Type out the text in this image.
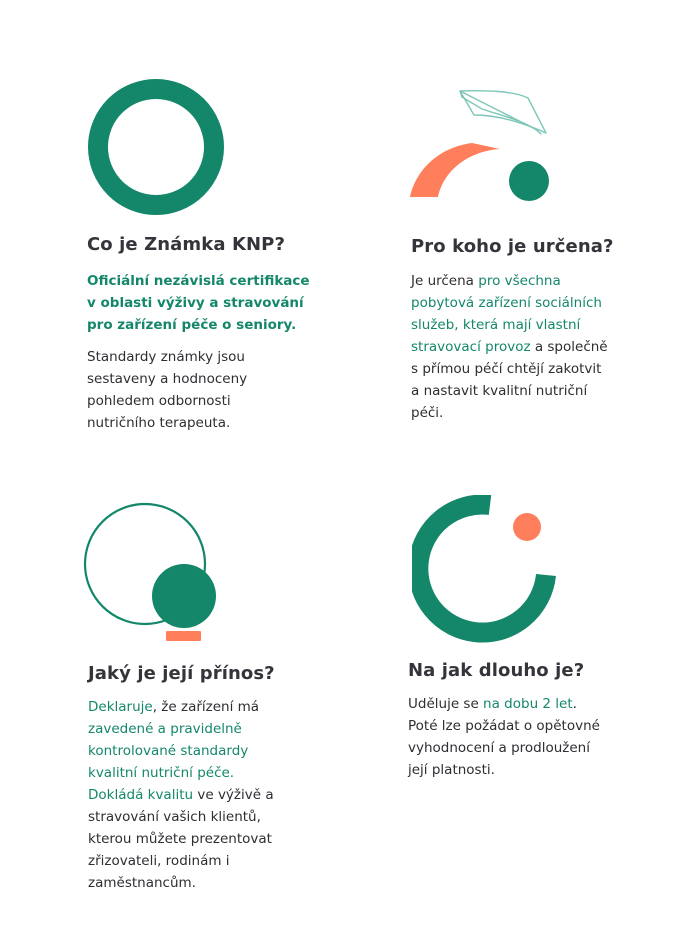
Co je Známka KNP?
Oficiální nezávislá certifikace
v oblasti výživy a stravování
pro zařízení péče o seniory.
Standardy známky jsou
sestaveny a hodnoceny
pohledem odbornosti
nutričního terapeuta.
Pro koho je určena?
Je určena pro všechna
pobytová zařízení sociálních
služeb, která mají vlastní
stravovací provoz a společně
s přímou péčí chtějí zakotvit
a nastavit kvalitní nutriční
péči.
Jaký je její přínos?
Deklaruje, že zařízení má
zavedené a pravidelně
kontrolované standardy
kvalitní nutriční péče.
Dokládá kvalitu ve výživě a
stravování vašich klientů,
kterou můžete prezentovat
zřizovateli, rodinám i
zaměstnancům.
Na jak dlouho je?
Uděluje se na dobu 2 let.
Poté lze požádat o opětovné
vyhodnocení a prodloužení
její platnosti.
